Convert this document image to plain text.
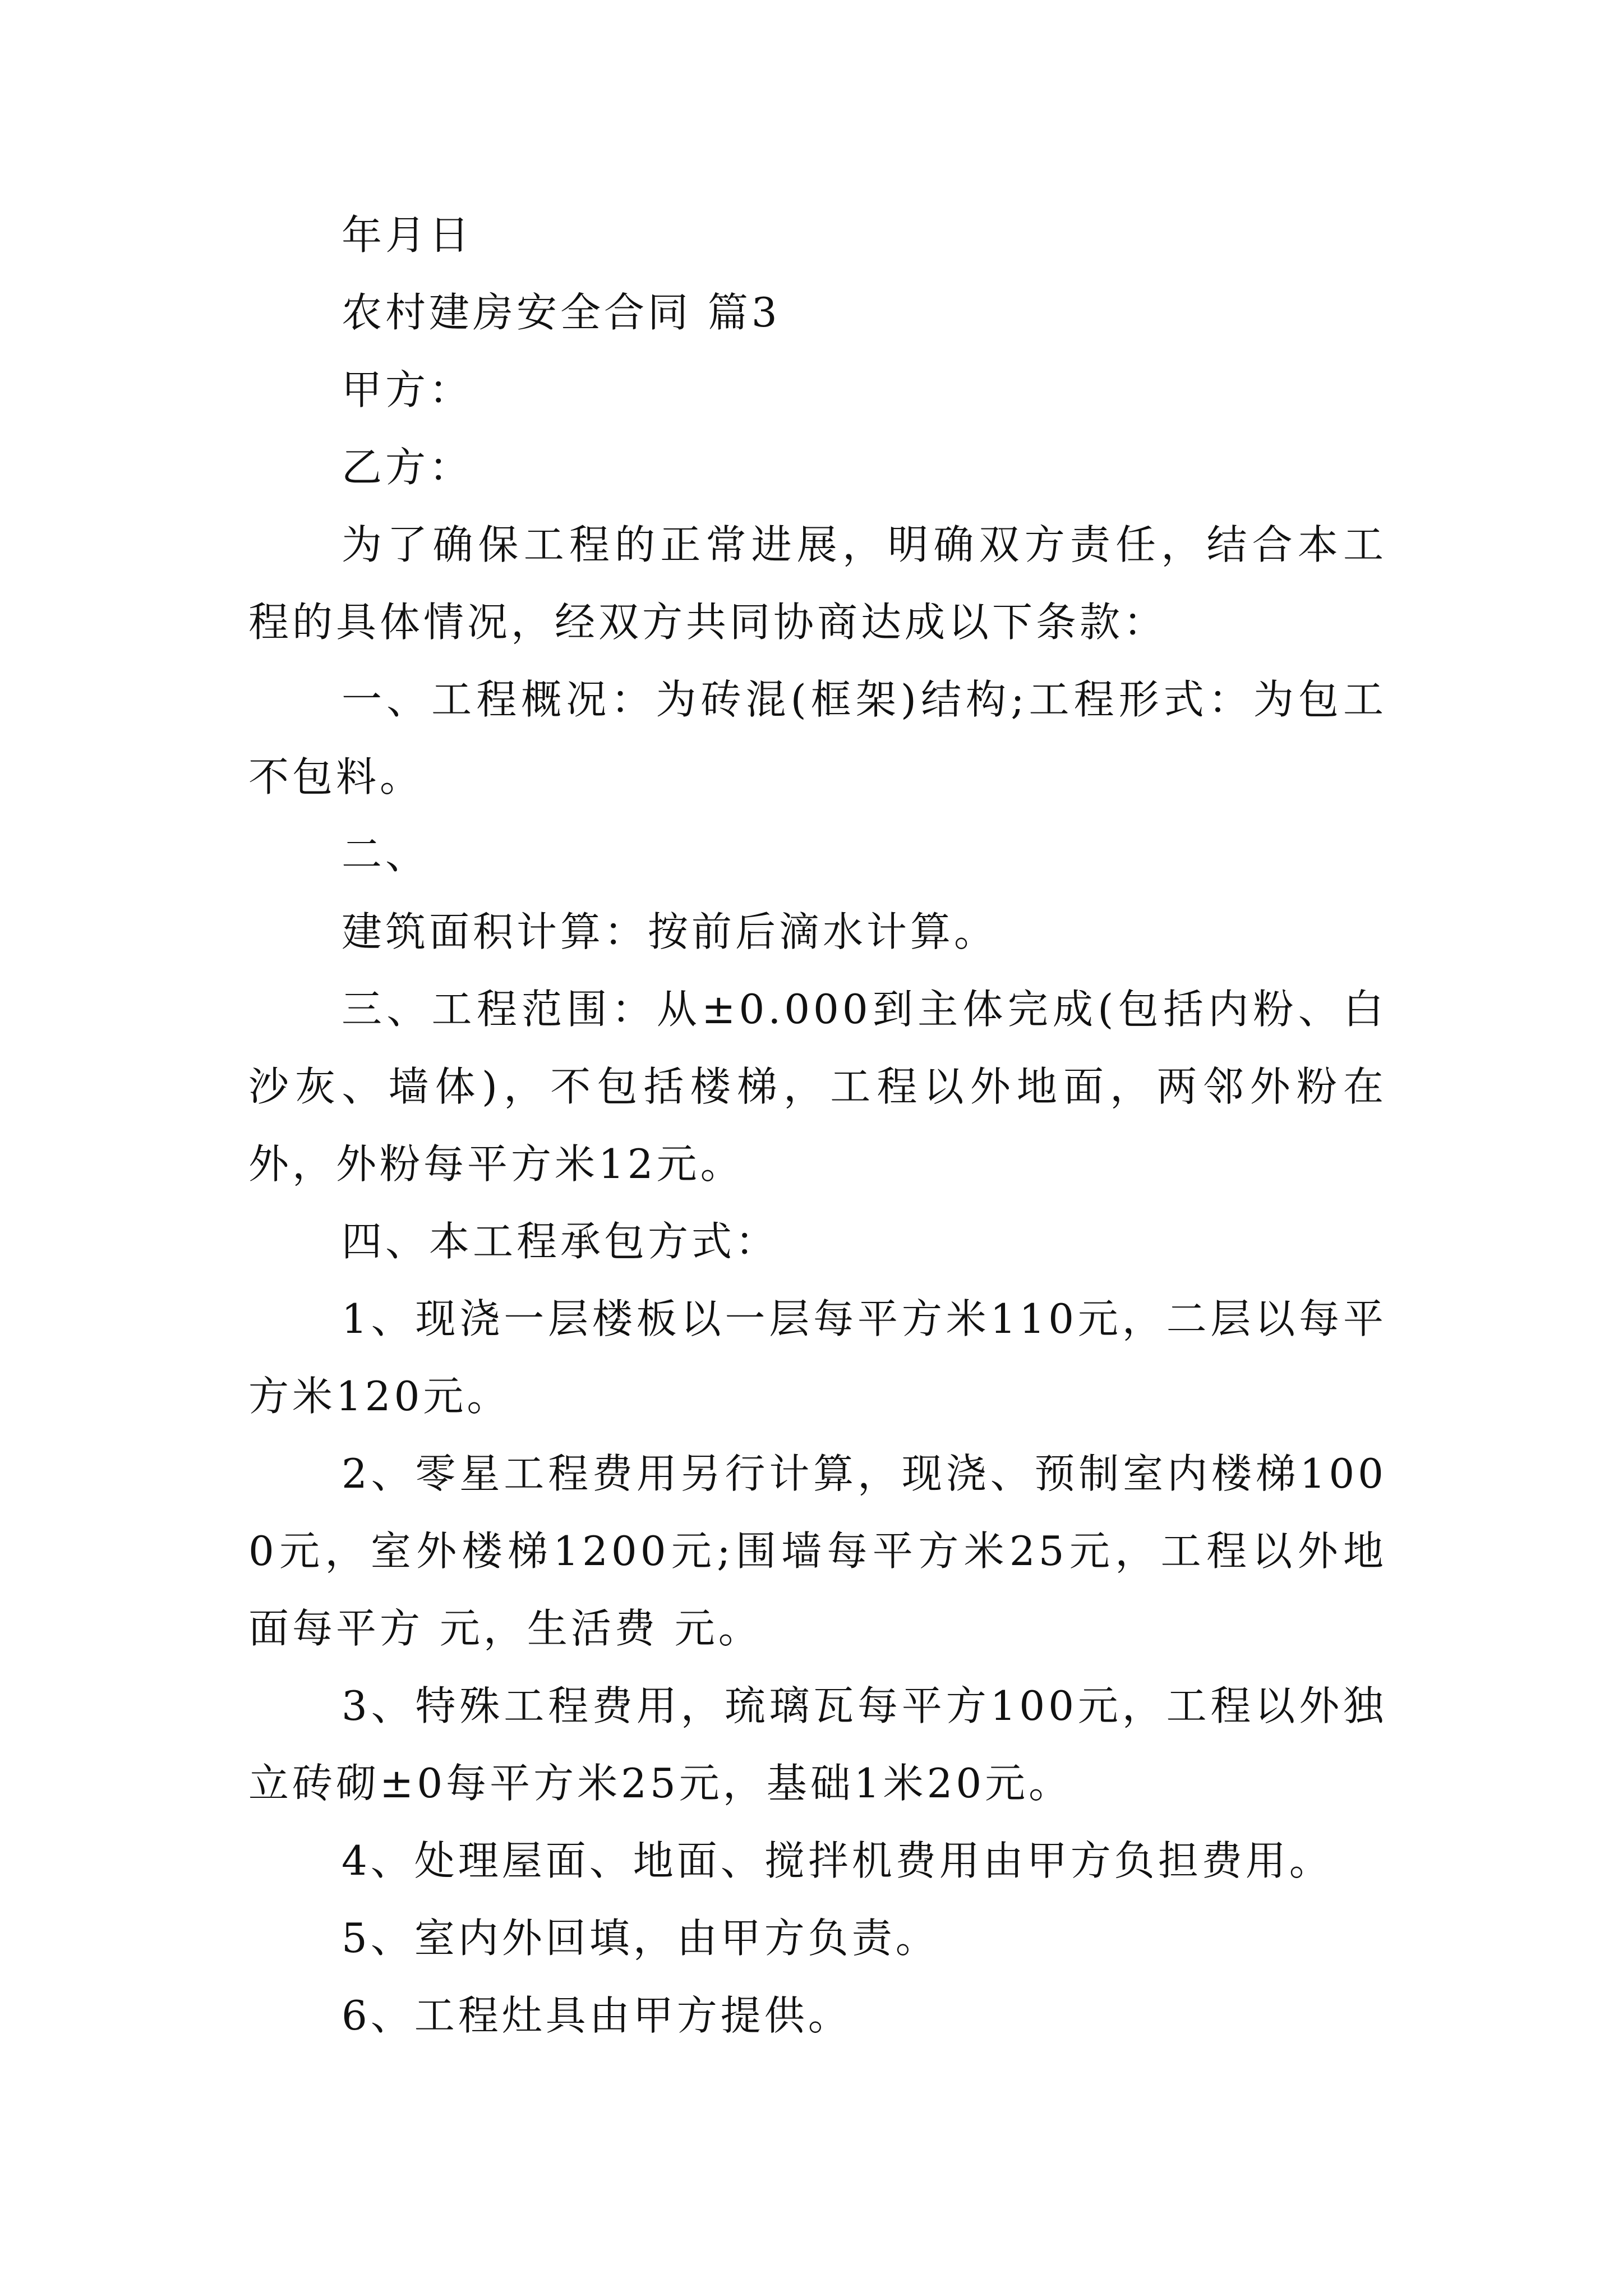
年月日

农村建房安全合同 篇3

甲方：

乙方：

为了确保工程的正常进展，明确双方责任，结合本工程的具体情况，经双方共同协商达成以下条款：

一、工程概况：为砖混(框架)结构;工程形式：为包工不包料。

二、

建筑面积计算：按前后滴水计算。

三、工程范围：从±0.000到主体完成(包括内粉、白沙灰、墙体)，不包括楼梯，工程以外地面，两邻外粉在外，外粉每平方米12元。

四、本工程承包方式：

1、现浇一层楼板以一层每平方米110元，二层以每平方米120元。

2、零星工程费用另行计算，现浇、预制室内楼梯1000元，室外楼梯1200元;围墙每平方米25元，工程以外地面每平方 元，生活费 元。

3、特殊工程费用，琉璃瓦每平方100元，工程以外独立砖砌±0每平方米25元，基础1米20元。

4、处理屋面、地面、搅拌机费用由甲方负担费用。

5、室内外回填，由甲方负责。

6、工程灶具由甲方提供。
